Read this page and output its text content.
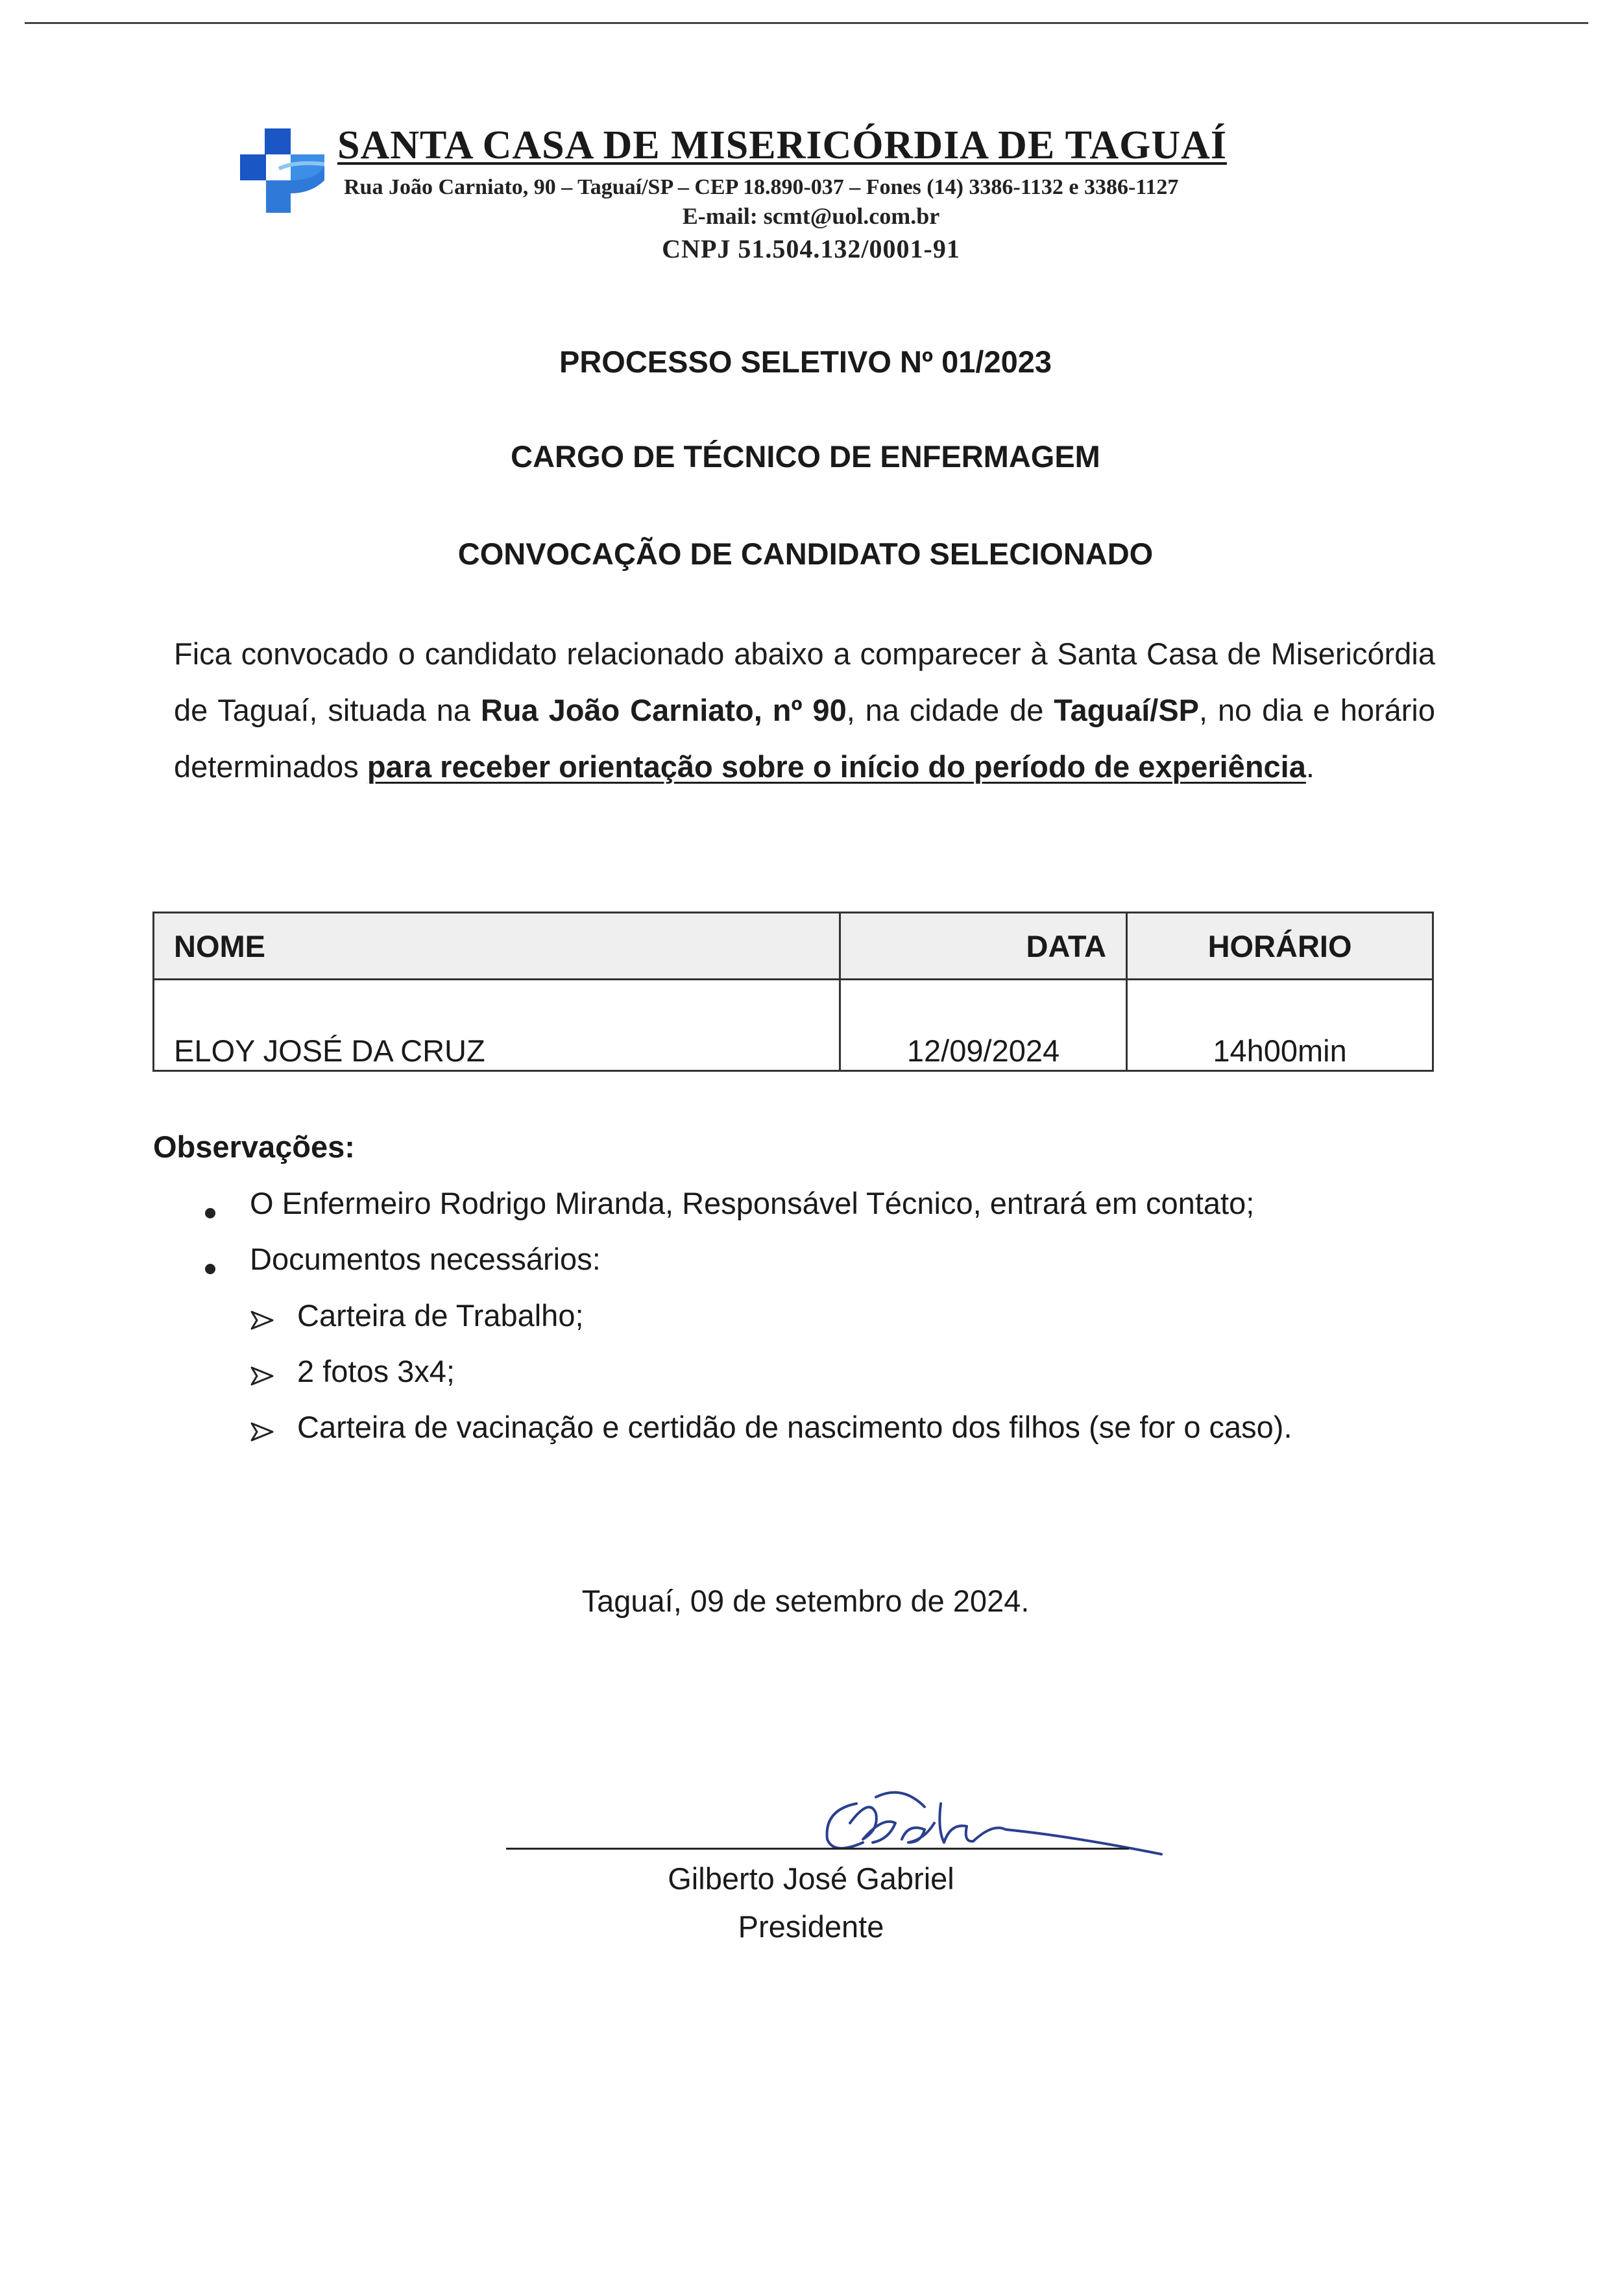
SANTA CASA DE MISERICÓRDIA DE TAGUAÍ
Rua João Carniato, 90 – Taguaí/SP – CEP 18.890-037 – Fones (14) 3386-1132 e 3386-1127
E-mail: scmt@uol.com.br
CNPJ 51.504.132/0001-91
PROCESSO SELETIVO Nº 01/2023
CARGO DE TÉCNICO DE ENFERMAGEM
CONVOCAÇÃO DE CANDIDATO SELECIONADO
Fica convocado o candidato relacionado abaixo a comparecer à Santa Casa de Misericórdia de Taguaí, situada na Rua João Carniato, nº 90, na cidade de Taguaí/SP, no dia e horário determinados para receber orientação sobre o início do período de experiência.
NOME	DATA	HORÁRIO
ELOY JOSÉ DA CRUZ	12/09/2024	14h00min
Observações:
O Enfermeiro Rodrigo Miranda, Responsável Técnico, entrará em contato;
Documentos necessários:
Carteira de Trabalho;
2 fotos 3x4;
Carteira de vacinação e certidão de nascimento dos filhos (se for o caso).
Taguaí, 09 de setembro de 2024.
Gilberto José Gabriel
Presidente
